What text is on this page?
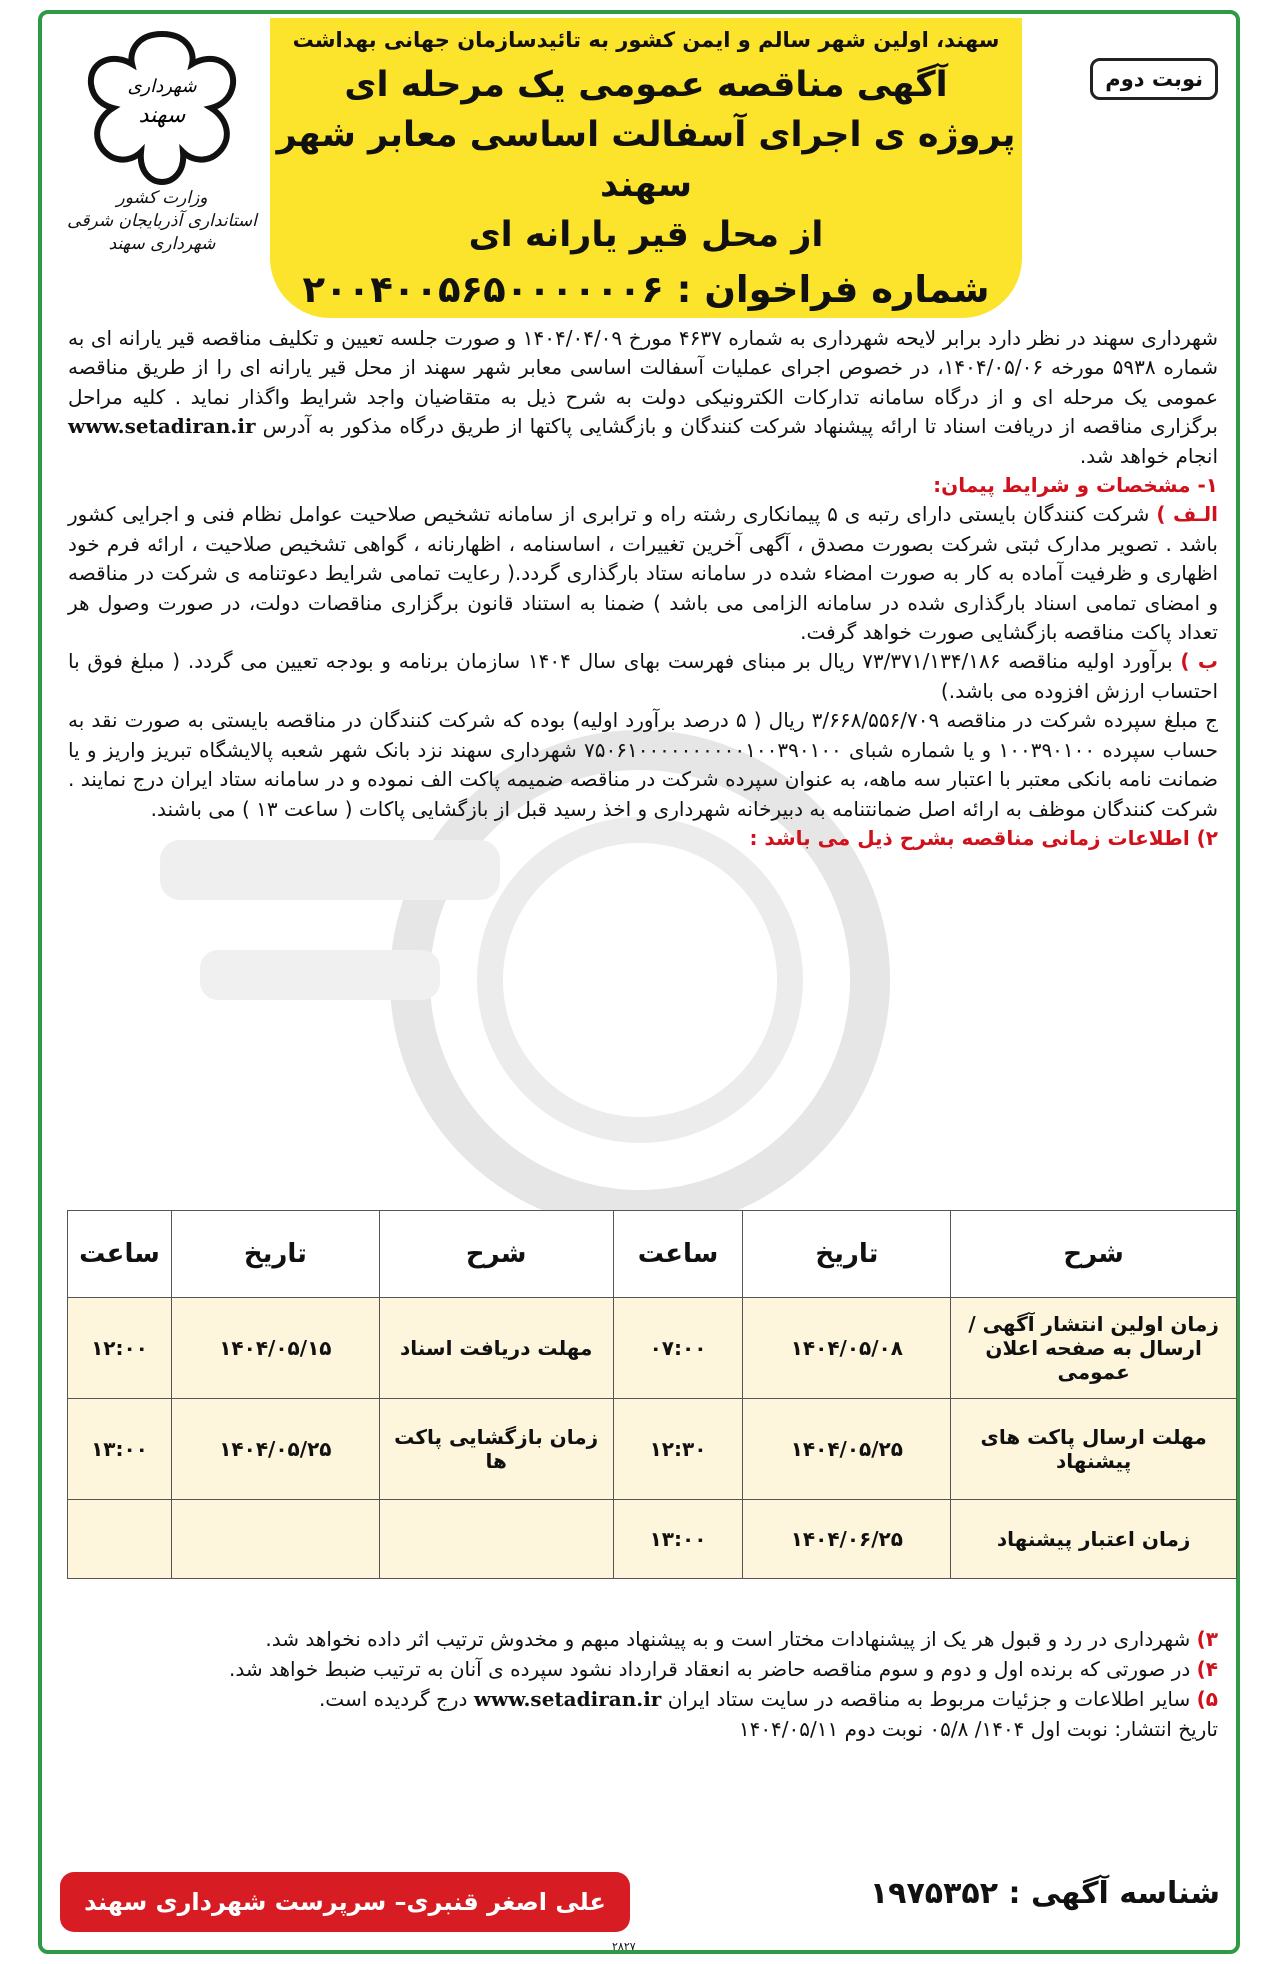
سهند، اولین شهر سالم و ایمن کشور به تائیدسازمان جهانی بهداشت
آگهی مناقصه عمومی یک مرحله ای
پروژه ی اجرای آسفالت اساسی معابر شهر سهند
از محل قیر یارانه ای
شماره فراخوان : ۲۰۰۴۰۰۵۶۵۰۰۰۰۰۰۶
نوبت دوم
شهرداری
سهند
وزارت کشور
استانداری آذربایجان شرقی
شهرداری سهند

شهرداری سهند در نظر دارد برابر لایحه شهرداری به شماره ۴۶۳۷ مورخ ۱۴۰۴/۰۴/۰۹ و صورت جلسه تعیین و تکلیف مناقصه قیر یارانه ای به شماره ۵۹۳۸ مورخه ۱۴۰۴/۰۵/۰۶، در خصوص اجرای عملیات آسفالت اساسی معابر شهر سهند از محل قیر یارانه ای را از طریق مناقصه عمومی یک مرحله ای و از درگاه سامانه تدارکات الکترونیکی دولت به شرح ذیل به متقاضیان واجد شرایط واگذار نماید . کلیه مراحل برگزاری مناقصه از دریافت اسناد تا ارائه پیشنهاد شرکت کنندگان و بازگشایی پاکتها از طریق درگاه مذکور به آدرس www.setadiran.ir انجام خواهد شد.

۱- مشخصات و شرایط پیمان:

الـف ) شرکت کنندگان بایستی دارای رتبه ی ۵ پیمانکاری رشته راه و ترابری از سامانه تشخیص صلاحیت عوامل نظام فنی و اجرایی کشور باشد . تصویر مدارک ثبتی شرکت بصورت مصدق ، آگهی آخرین تغییرات ، اساسنامه ، اظهارنانه ، گواهی تشخیص صلاحیت ، ارائه فرم خود اظهاری و ظرفیت آماده به کار به صورت امضاء شده در سامانه ستاد بارگذاری گردد.( رعایت تمامی شرایط دعوتنامه ی شرکت در مناقصه و امضای تمامی اسناد بارگذاری شده در سامانه الزامی می باشد ) ضمنا به استناد قانون برگزاری مناقصات دولت، در صورت وصول هر تعداد پاکت مناقصه بازگشایی صورت خواهد گرفت.

ب ) برآورد اولیه مناقصه ۷۳/۳۷۱/۱۳۴/۱۸۶ ریال بر مبنای فهرست بهای سال ۱۴۰۴ سازمان برنامه و بودجه تعیین می گردد. ( مبلغ فوق با احتساب ارزش افزوده می باشد.)

ج مبلغ سپرده شرکت در مناقصه ۳/۶۶۸/۵۵۶/۷۰۹ ریال ( ۵ درصد برآورد اولیه) بوده که شرکت کنندگان در مناقصه بایستی به صورت نقد به حساب سپرده ۱۰۰۳۹۰۱۰۰ و یا شماره شبای ۷۵۰۶۱۰۰۰۰۰۰۰۰۰۰۱۰۰۳۹۰۱۰۰ شهرداری سهند نزد بانک شهر شعبه پالایشگاه تبریز واریز و یا ضمانت نامه بانکی معتبر با اعتبار سه ماهه، به عنوان سپرده شرکت در مناقصه ضمیمه پاکت الف نموده و در سامانه ستاد ایران درج نمایند . شرکت کنندگان موظف به ارائه اصل ضمانتنامه به دبیرخانه شهرداری و اخذ رسید قبل از بازگشایی پاکات ( ساعت ۱۳ ) می باشند.

۲) اطلاعات زمانی مناقصه بشرح ذیل می باشد :

شرح	تاریخ	ساعت	شرح	تاریخ	ساعت
زمان اولین انتشار آگهی / ارسال به صفحه اعلان عمومی	۱۴۰۴/۰۵/۰۸	۰۷:۰۰	مهلت دریافت اسناد	۱۴۰۴/۰۵/۱۵	۱۲:۰۰
مهلت ارسال پاکت های پیشنهاد	۱۴۰۴/۰۵/۲۵	۱۲:۳۰	زمان بازگشایی پاکت ها	۱۴۰۴/۰۵/۲۵	۱۳:۰۰
زمان اعتبار پیشنهاد	۱۴۰۴/۰۶/۲۵	۱۳:۰۰			

۳) شهرداری در رد و قبول هر یک از پیشنهادات مختار است و به پیشنهاد مبهم و مخدوش ترتیب اثر داده نخواهد شد.

۴) در صورتی که برنده اول و دوم و سوم مناقصه حاضر به انعقاد قرارداد نشود سپرده ی آنان به ترتیب ضبط خواهد شد.

۵) سایر اطلاعات و جزئیات مربوط به مناقصه در سایت ستاد ایران www.setadiran.ir درج گردیده است.

تاریخ انتشار: نوبت اول ۱۴۰۴/ ۰۵/۸ نوبت دوم ۱۴۰۴/۰۵/۱۱

علی اصغر قنبری– سرپرست شهرداری سهند	شناسه آگهی : ۱۹۷۵۳۵۲
۲۸۲۷
